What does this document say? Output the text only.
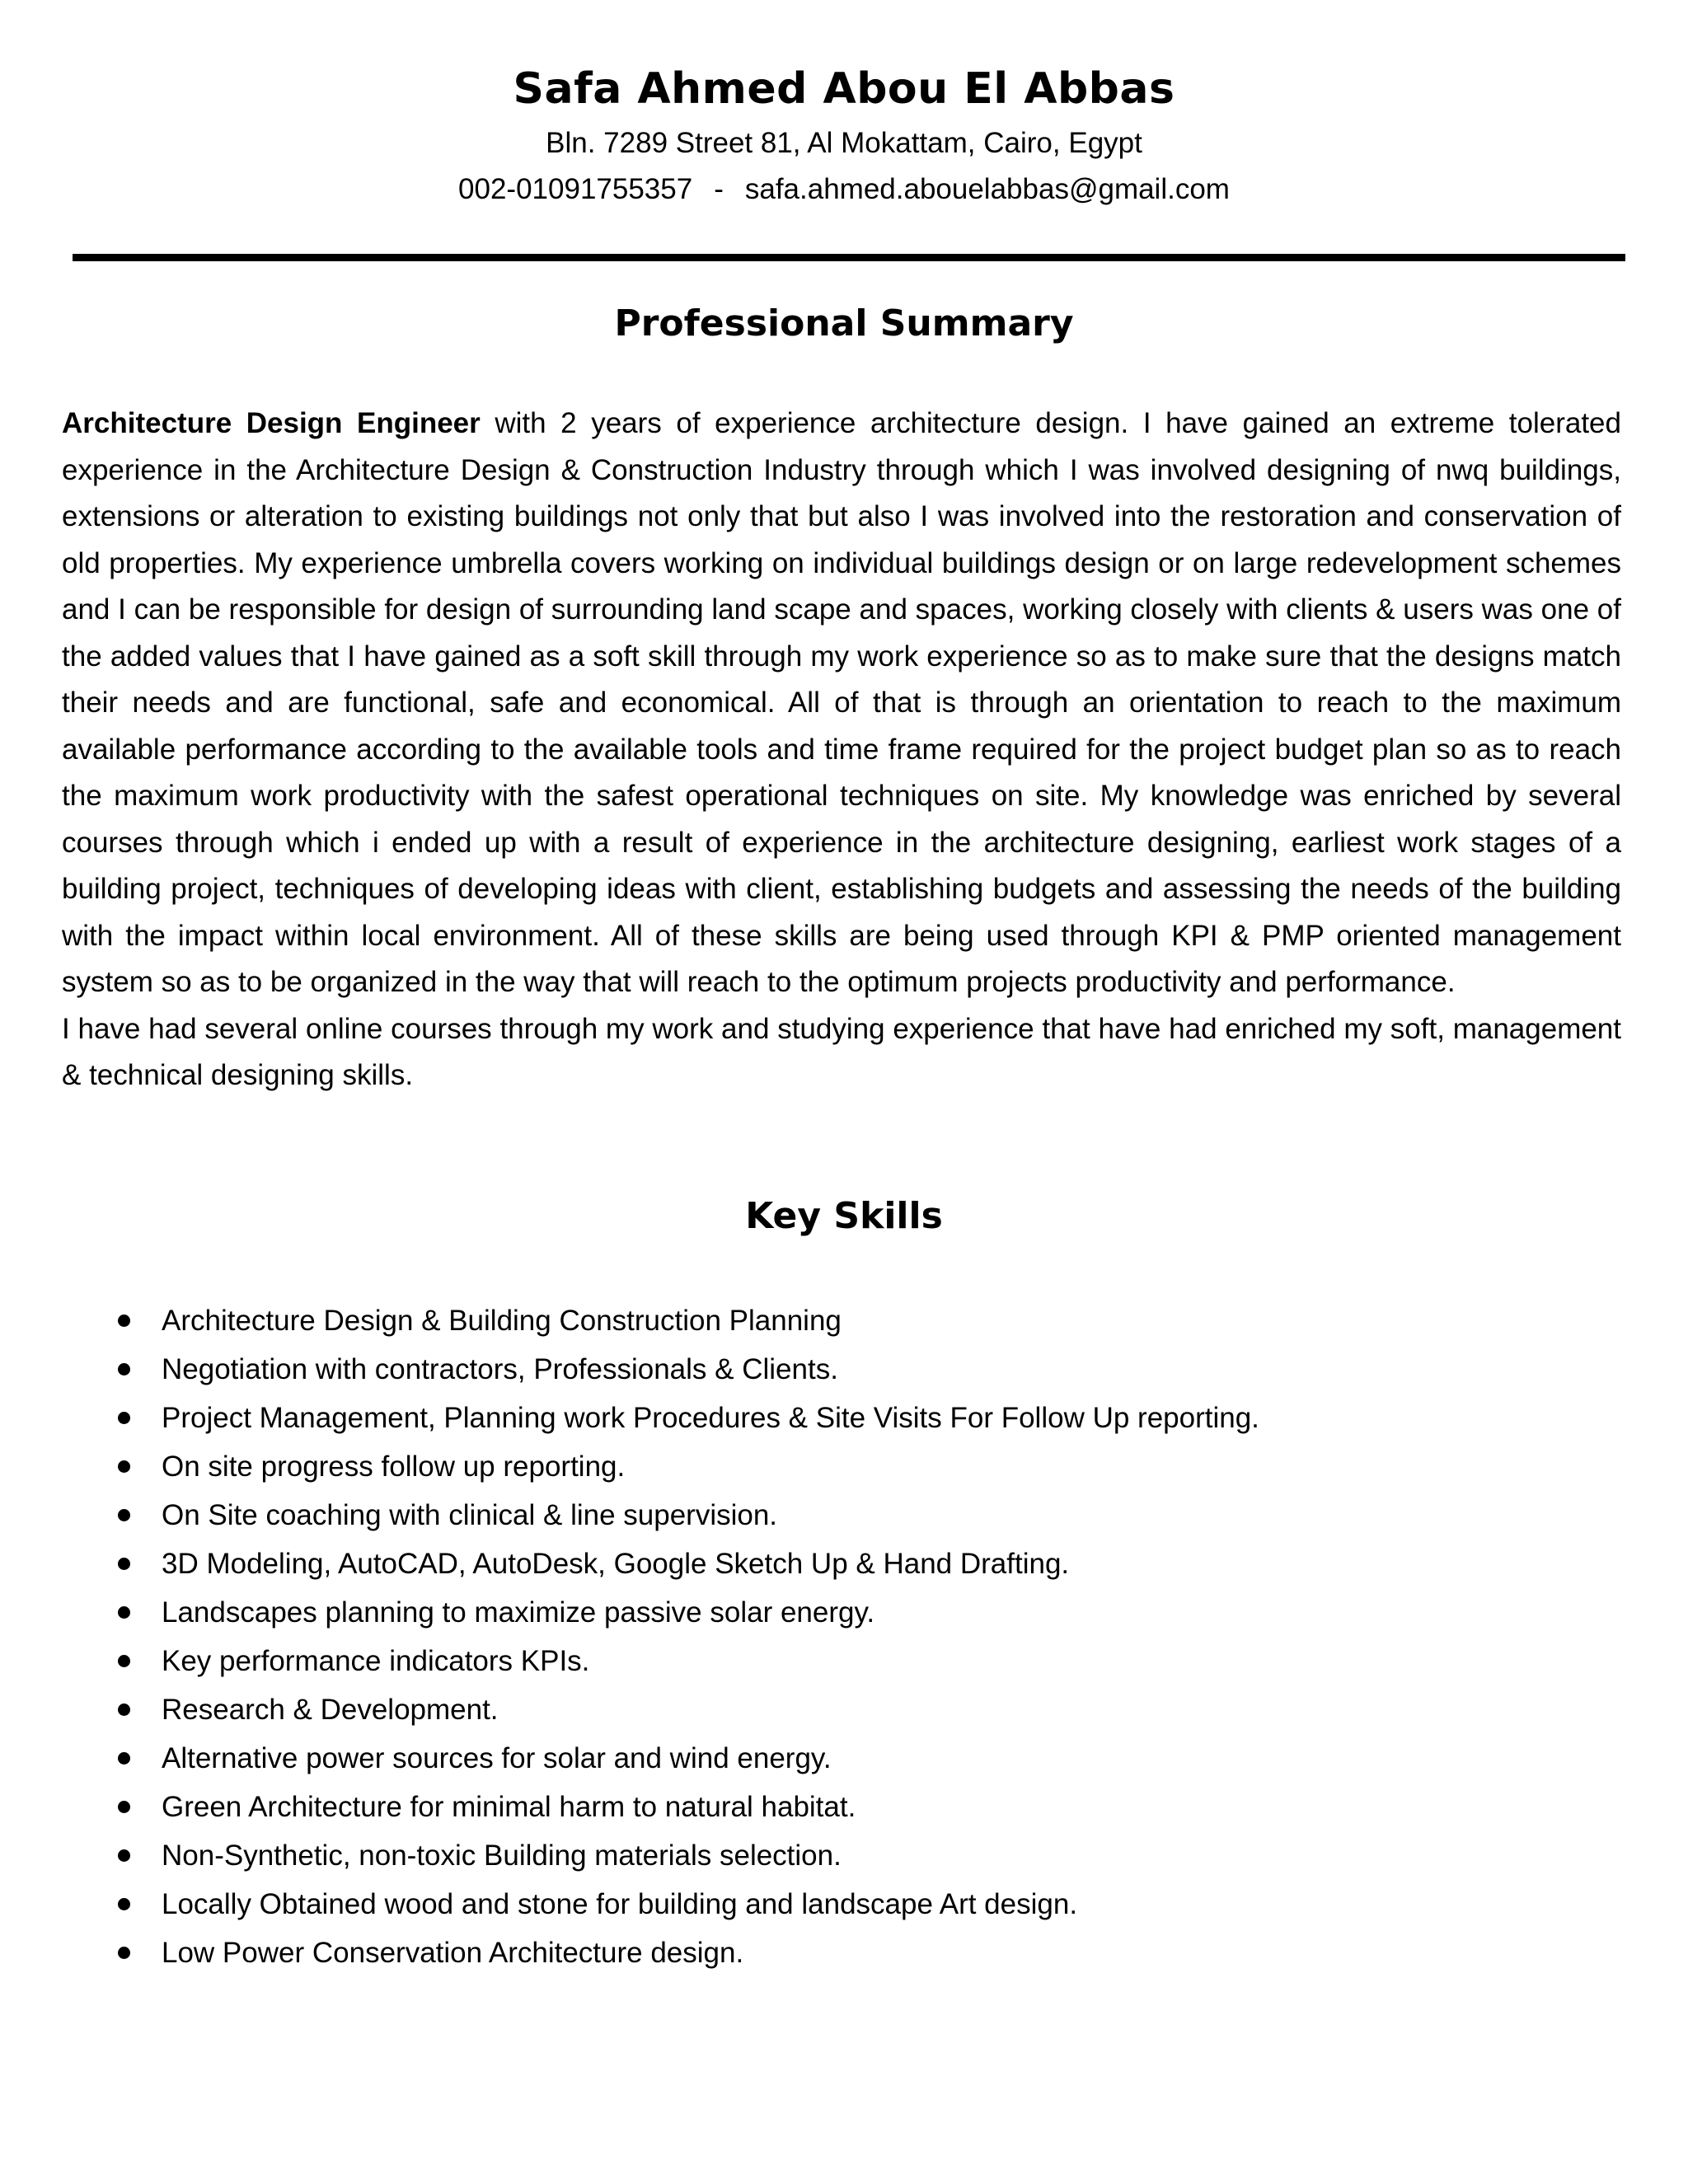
Safa Ahmed Abou El Abbas
Bln. 7289 Street 81, Al Mokattam, Cairo, Egypt
002-01091755357 - safa.ahmed.abouelabbas@gmail.com
Professional Summary

Architecture Design Engineer with 2 years of experience architecture design. I have gained an extreme tolerated experience in the Architecture Design & Construction Industry through which I was involved designing of nwq buildings, extensions or alteration to existing buildings not only that but also I was involved into the restoration and conservation of old properties. My experience umbrella covers working on individual buildings design or on large redevelopment schemes and I can be responsible for design of surrounding land scape and spaces, working closely with clients & users was one of the added values that I have gained as a soft skill through my work experience so as to make sure that the designs match their needs and are functional, safe and economical. All of that is through an orientation to reach to the maximum available performance according to the available tools and time frame required for the project budget plan so as to reach the maximum work productivity with the safest operational techniques on site. My knowledge was enriched by several courses through which i ended up with a result of experience in the architecture designing, earliest work stages of a building project, techniques of developing ideas with client, establishing budgets and assessing the needs of the building with the impact within local environment. All of these skills are being used through KPI & PMP oriented management system so as to be organized in the way that will reach to the optimum projects productivity and performance.

I have had several online courses through my work and studying experience that have had enriched my soft, management & technical designing skills.

Key Skills
Architecture Design & Building Construction Planning
Negotiation with contractors, Professionals & Clients.
Project Management, Planning work Procedures & Site Visits For Follow Up reporting.
On site progress follow up reporting.
On Site coaching with clinical & line supervision.
3D Modeling, AutoCAD, AutoDesk, Google Sketch Up & Hand Drafting.
Landscapes planning to maximize passive solar energy.
Key performance indicators KPIs.
Research & Development.
Alternative power sources for solar and wind energy.
Green Architecture for minimal harm to natural habitat.
Non-Synthetic, non-toxic Building materials selection.
Locally Obtained wood and stone for building and landscape Art design.
Low Power Conservation Architecture design.
